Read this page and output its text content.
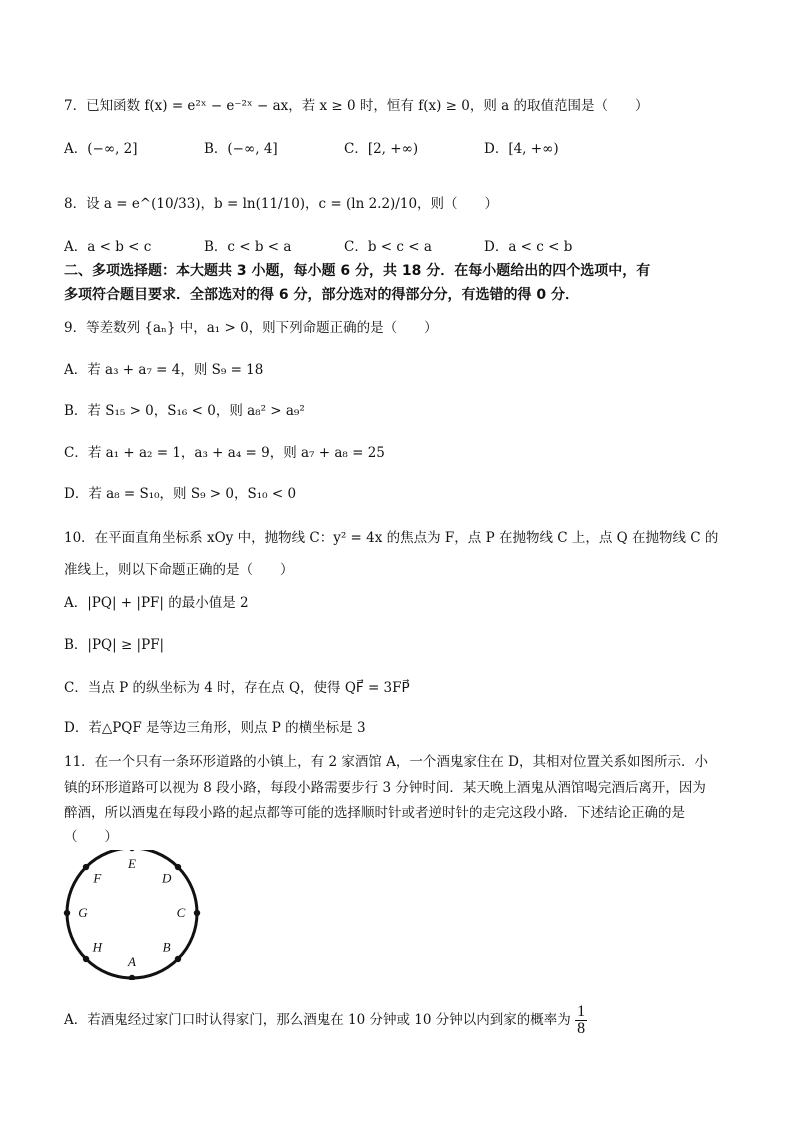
7．已知函数 f(x) = e²ˣ − e⁻²ˣ − ax，若 x ≥ 0 时，恒有 f(x) ≥ 0，则 a 的取值范围是（　　）
A．(−∞, 2]	B．(−∞, 4]	C．[2, +∞)	D．[4, +∞)
8．设 a = e^(10/33)，b = ln(11/10)，c = (ln 2.2)/10，则（　　）
A．a < b < c	B．c < b < a	C．b < c < a	D．a < c < b
二、多项选择题：本大题共 3 小题，每小题 6 分，共 18 分．在每小题给出的四个选项中，有
多项符合题目要求．全部选对的得 6 分，部分选对的得部分分，有选错的得 0 分．
9．等差数列 {aₙ} 中，a₁ > 0，则下列命题正确的是（　　）
A．若 a₃ + a₇ = 4，则 S₉ = 18
B．若 S₁₅ > 0，S₁₆ < 0，则 a₈² > a₉²
C．若 a₁ + a₂ = 1，a₃ + a₄ = 9，则 a₇ + a₈ = 25
D．若 a₈ = S₁₀，则 S₉ > 0，S₁₀ < 0
10．在平面直角坐标系 xOy 中，抛物线 C：y² = 4x 的焦点为 F，点 P 在抛物线 C 上，点 Q 在抛物线 C 的
准线上，则以下命题正确的是（　　）
A．|PQ| + |PF| 的最小值是 2
B．|PQ| ≥ |PF|
C．当点 P 的纵坐标为 4 时，存在点 Q，使得 QF⃗ = 3FP⃗
D．若△PQF 是等边三角形，则点 P 的横坐标是 3
11．在一个只有一条环形道路的小镇上，有 2 家酒馆 A，一个酒鬼家住在 D，其相对位置关系如图所示．小
镇的环形道路可以视为 8 段小路，每段小路需要步行 3 分钟时间．某天晚上酒鬼从酒馆喝完酒后离开，因为
醉酒，所以酒鬼在每段小路的起点都等可能的选择顺时针或者逆时针的走完这段小路．下述结论正确的是
（　　）
E
D
C
B
A
H
G
F
A．若酒鬼经过家门口时认得家门，那么酒鬼在 10 分钟或 10 分钟以内到家的概率为 $\frac{1}{8}$
